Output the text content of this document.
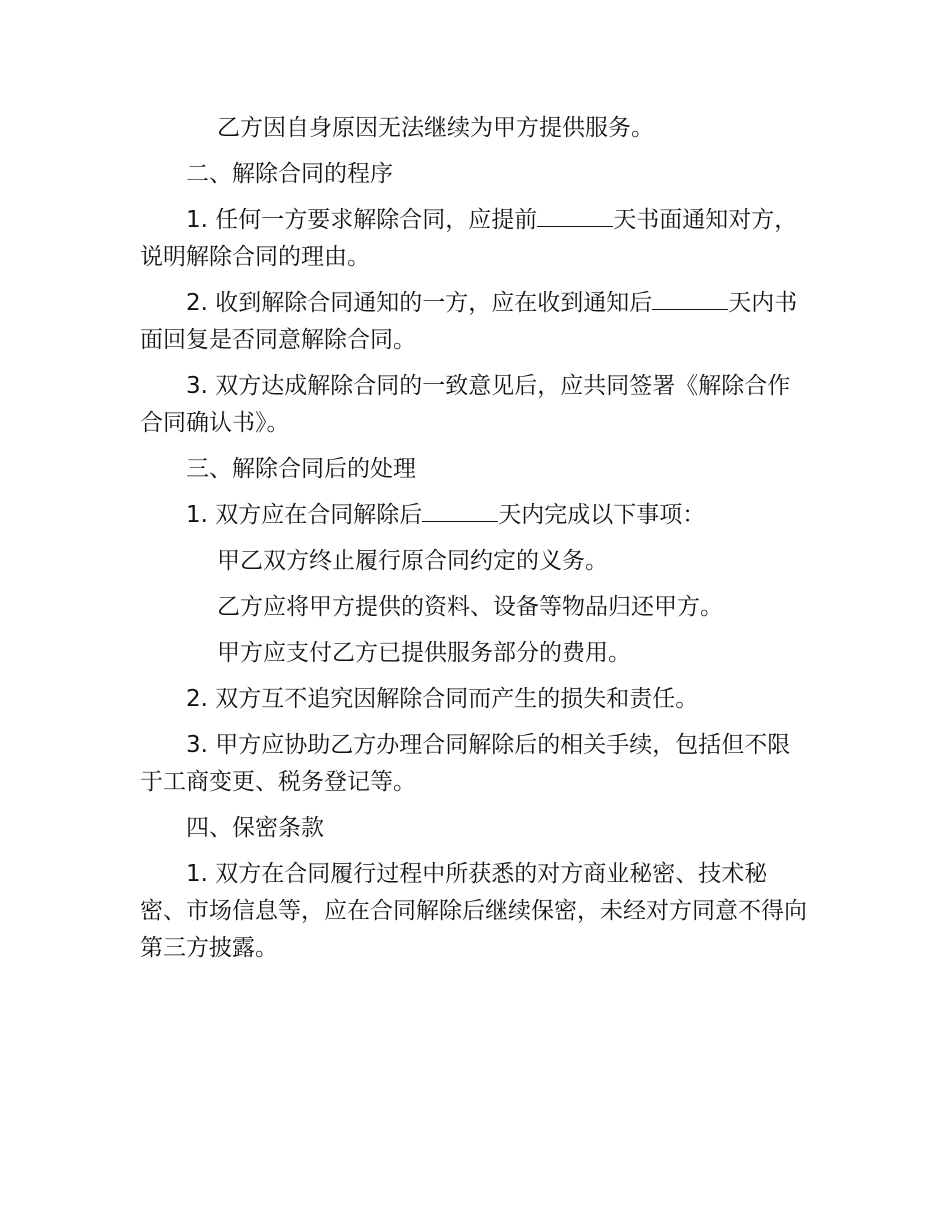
乙方因自身原因无法继续为甲方提供服务。

二、解除合同的程序

1. 任何一方要求解除合同，应提前	天书面通知对方，说明解除合同的理由。

2. 收到解除合同通知的一方，应在收到通知后	天内书面回复是否同意解除合同。

3. 双方达成解除合同的一致意见后，应共同签署《解除合作合同确认书》。

三、解除合同后的处理

1. 双方应在合同解除后	天内完成以下事项：

甲乙双方终止履行原合同约定的义务。

乙方应将甲方提供的资料、设备等物品归还甲方。

甲方应支付乙方已提供服务部分的费用。

2. 双方互不追究因解除合同而产生的损失和责任。

3. 甲方应协助乙方办理合同解除后的相关手续，包括但不限于工商变更、税务登记等。

四、保密条款

1. 双方在合同履行过程中所获悉的对方商业秘密、技术秘密、市场信息等，应在合同解除后继续保密，未经对方同意不得向第三方披露。
